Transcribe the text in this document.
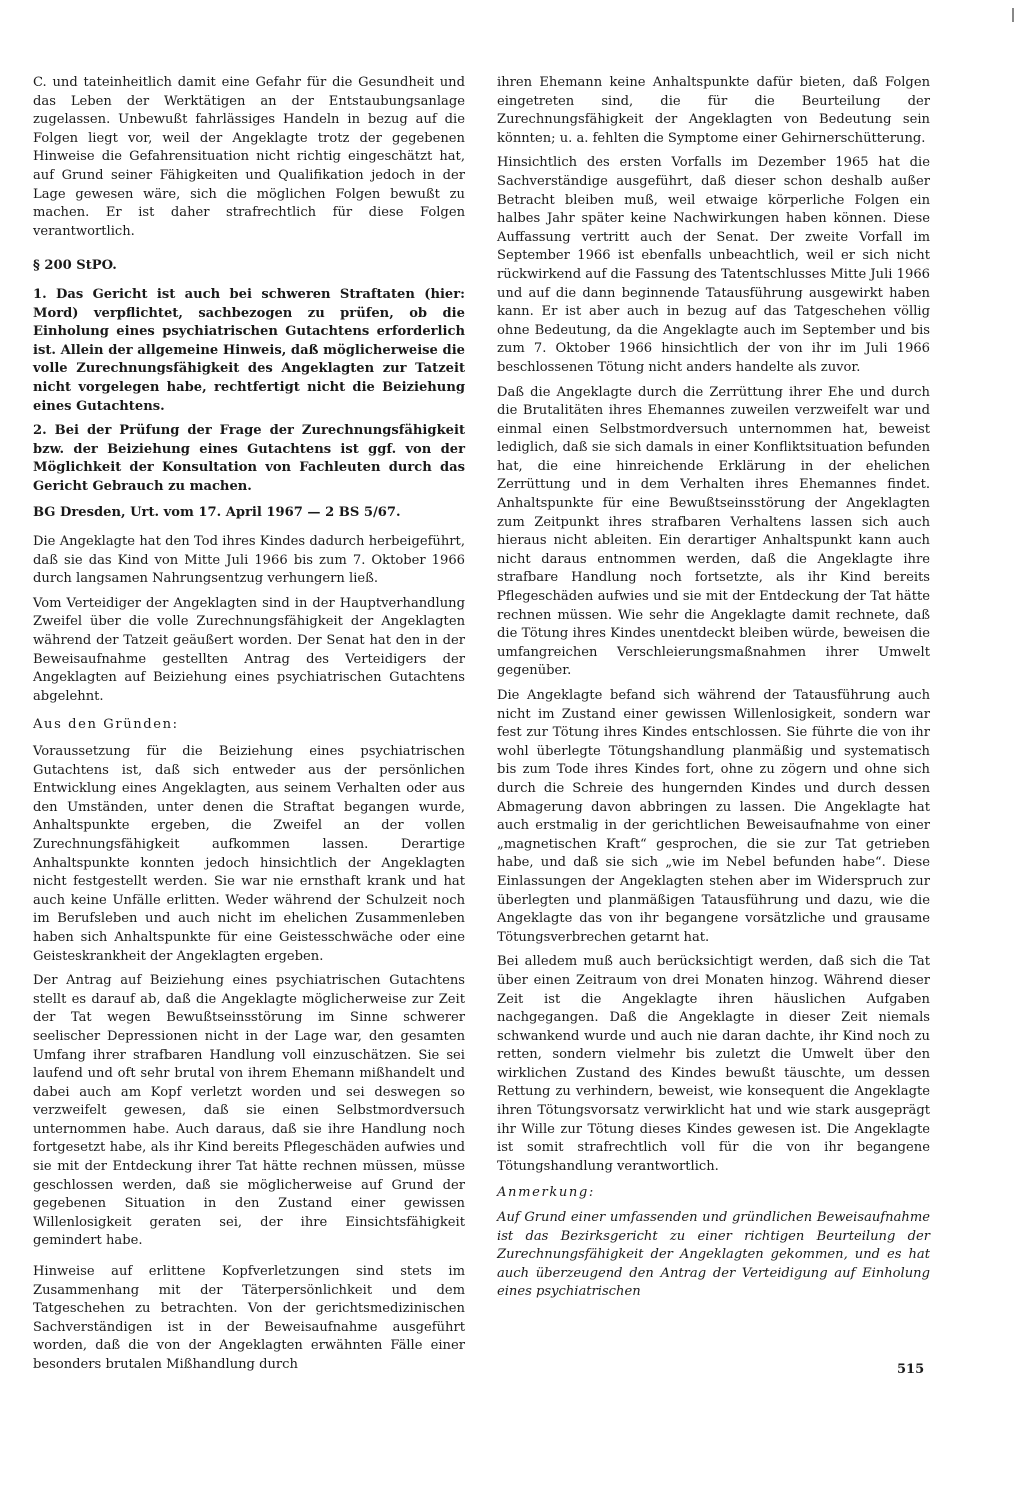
C. und tateinheitlich damit eine Gefahr für die Gesundheit und das Leben der Werktätigen an der Entstaubungsanlage zugelassen. Unbewußt fahrlässiges Handeln in bezug auf die Folgen liegt vor, weil der Angeklagte trotz der gegebenen Hinweise die Gefahrensituation nicht richtig eingeschätzt hat, auf Grund seiner Fähigkeiten und Qualifikation jedoch in der Lage gewesen wäre, sich die möglichen Folgen bewußt zu machen. Er ist daher strafrechtlich für diese Folgen verantwortlich.

§ 200 StPO.

1. Das Gericht ist auch bei schweren Straftaten (hier: Mord) verpflichtet, sachbezogen zu prüfen, ob die Einholung eines psychiatrischen Gutachtens erforderlich ist. Allein der allgemeine Hinweis, daß möglicherweise die volle Zurechnungsfähigkeit des Angeklagten zur Tatzeit nicht vorgelegen habe, rechtfertigt nicht die Beiziehung eines Gutachtens.

2. Bei der Prüfung der Frage der Zurechnungsfähigkeit bzw. der Beiziehung eines Gutachtens ist ggf. von der Möglichkeit der Konsultation von Fachleuten durch das Gericht Gebrauch zu machen.

BG Dresden, Urt. vom 17. April 1967 — 2 BS 5/67.

Die Angeklagte hat den Tod ihres Kindes dadurch herbeigeführt, daß sie das Kind von Mitte Juli 1966 bis zum 7. Oktober 1966 durch langsamen Nahrungsentzug verhungern ließ.

Vom Verteidiger der Angeklagten sind in der Hauptverhandlung Zweifel über die volle Zurechnungsfähigkeit der Angeklagten während der Tatzeit geäußert worden. Der Senat hat den in der Beweisaufnahme gestellten Antrag des Verteidigers der Angeklagten auf Beiziehung eines psychiatrischen Gutachtens abgelehnt.

Aus den Gründen:

Voraussetzung für die Beiziehung eines psychiatrischen Gutachtens ist, daß sich entweder aus der persönlichen Entwicklung eines Angeklagten, aus seinem Verhalten oder aus den Umständen, unter denen die Straftat begangen wurde, Anhaltspunkte ergeben, die Zweifel an der vollen Zurechnungsfähigkeit aufkommen lassen. Derartige Anhaltspunkte konnten jedoch hinsichtlich der Angeklagten nicht festgestellt werden. Sie war nie ernsthaft krank und hat auch keine Unfälle erlitten. Weder während der Schulzeit noch im Berufsleben und auch nicht im ehelichen Zusammenleben haben sich Anhaltspunkte für eine Geistesschwäche oder eine Geisteskrankheit der Angeklagten ergeben.

Der Antrag auf Beiziehung eines psychiatrischen Gutachtens stellt es darauf ab, daß die Angeklagte möglicherweise zur Zeit der Tat wegen Bewußtseinsstörung im Sinne schwerer seelischer Depressionen nicht in der Lage war, den gesamten Umfang ihrer strafbaren Handlung voll einzuschätzen. Sie sei laufend und oft sehr brutal von ihrem Ehemann mißhandelt und dabei auch am Kopf verletzt worden und sei deswegen so verzweifelt gewesen, daß sie einen Selbstmordversuch unternommen habe. Auch daraus, daß sie ihre Handlung noch fortgesetzt habe, als ihr Kind bereits Pflegeschäden aufwies und sie mit der Entdeckung ihrer Tat hätte rechnen müssen, müsse geschlossen werden, daß sie möglicherweise auf Grund der gegebenen Situation in den Zustand einer gewissen Willenlosigkeit geraten sei, der ihre Einsichtsfähigkeit gemindert habe.

Hinweise auf erlittene Kopfverletzungen sind stets im Zusammenhang mit der Täterpersönlichkeit und dem Tatgeschehen zu betrachten. Von der gerichtsmedizinischen Sachverständigen ist in der Beweisaufnahme ausgeführt worden, daß die von der Angeklagten erwähnten Fälle einer besonders brutalen Mißhandlung durch

ihren Ehemann keine Anhaltspunkte dafür bieten, daß Folgen eingetreten sind, die für die Beurteilung der Zurechnungsfähigkeit der Angeklagten von Bedeutung sein könnten; u. a. fehlten die Symptome einer Gehirnerschütterung.

Hinsichtlich des ersten Vorfalls im Dezember 1965 hat die Sachverständige ausgeführt, daß dieser schon deshalb außer Betracht bleiben muß, weil etwaige körperliche Folgen ein halbes Jahr später keine Nachwirkungen haben können. Diese Auffassung vertritt auch der Senat. Der zweite Vorfall im September 1966 ist ebenfalls unbeachtlich, weil er sich nicht rückwirkend auf die Fassung des Tatentschlusses Mitte Juli 1966 und auf die dann beginnende Tatausführung ausgewirkt haben kann. Er ist aber auch in bezug auf das Tatgeschehen völlig ohne Bedeutung, da die Angeklagte auch im September und bis zum 7. Oktober 1966 hinsichtlich der von ihr im Juli 1966 beschlossenen Tötung nicht anders handelte als zuvor.

Daß die Angeklagte durch die Zerrüttung ihrer Ehe und durch die Brutalitäten ihres Ehemannes zuweilen verzweifelt war und einmal einen Selbstmordversuch unternommen hat, beweist lediglich, daß sie sich damals in einer Konfliktsituation befunden hat, die eine hinreichende Erklärung in der ehelichen Zerrüttung und in dem Verhalten ihres Ehemannes findet. Anhaltspunkte für eine Bewußtseinsstörung der Angeklagten zum Zeitpunkt ihres strafbaren Verhaltens lassen sich auch hieraus nicht ableiten. Ein derartiger Anhaltspunkt kann auch nicht daraus entnommen werden, daß die Angeklagte ihre strafbare Handlung noch fortsetzte, als ihr Kind bereits Pflegeschäden aufwies und sie mit der Entdeckung der Tat hätte rechnen müssen. Wie sehr die Angeklagte damit rechnete, daß die Tötung ihres Kindes unentdeckt bleiben würde, beweisen die umfangreichen Verschleierungsmaßnahmen ihrer Umwelt gegenüber.

Die Angeklagte befand sich während der Tatausführung auch nicht im Zustand einer gewissen Willenlosigkeit, sondern war fest zur Tötung ihres Kindes entschlossen. Sie führte die von ihr wohl überlegte Tötungshandlung planmäßig und systematisch bis zum Tode ihres Kindes fort, ohne zu zögern und ohne sich durch die Schreie des hungernden Kindes und durch dessen Abmagerung davon abbringen zu lassen. Die Angeklagte hat auch erstmalig in der gerichtlichen Beweisaufnahme von einer „magnetischen Kraft“ gesprochen, die sie zur Tat getrieben habe, und daß sie sich „wie im Nebel befunden habe“. Diese Einlassungen der Angeklagten stehen aber im Widerspruch zur überlegten und planmäßigen Tatausführung und dazu, wie die Angeklagte das von ihr begangene vorsätzliche und grausame Tötungsverbrechen getarnt hat.

Bei alledem muß auch berücksichtigt werden, daß sich die Tat über einen Zeitraum von drei Monaten hinzog. Während dieser Zeit ist die Angeklagte ihren häuslichen Aufgaben nachgegangen. Daß die Angeklagte in dieser Zeit niemals schwankend wurde und auch nie daran dachte, ihr Kind noch zu retten, sondern vielmehr bis zuletzt die Umwelt über den wirklichen Zustand des Kindes bewußt täuschte, um dessen Rettung zu verhindern, beweist, wie konsequent die Angeklagte ihren Tötungsvorsatz verwirklicht hat und wie stark ausgeprägt ihr Wille zur Tötung dieses Kindes gewesen ist. Die Angeklagte ist somit strafrechtlich voll für die von ihr begangene Tötungshandlung verantwortlich.

Anmerkung:

Auf Grund einer umfassenden und gründlichen Beweisaufnahme ist das Bezirksgericht zu einer richtigen Beurteilung der Zurechnungsfähigkeit der Angeklagten gekommen, und es hat auch überzeugend den Antrag der Verteidigung auf Einholung eines psychiatrischen

515
